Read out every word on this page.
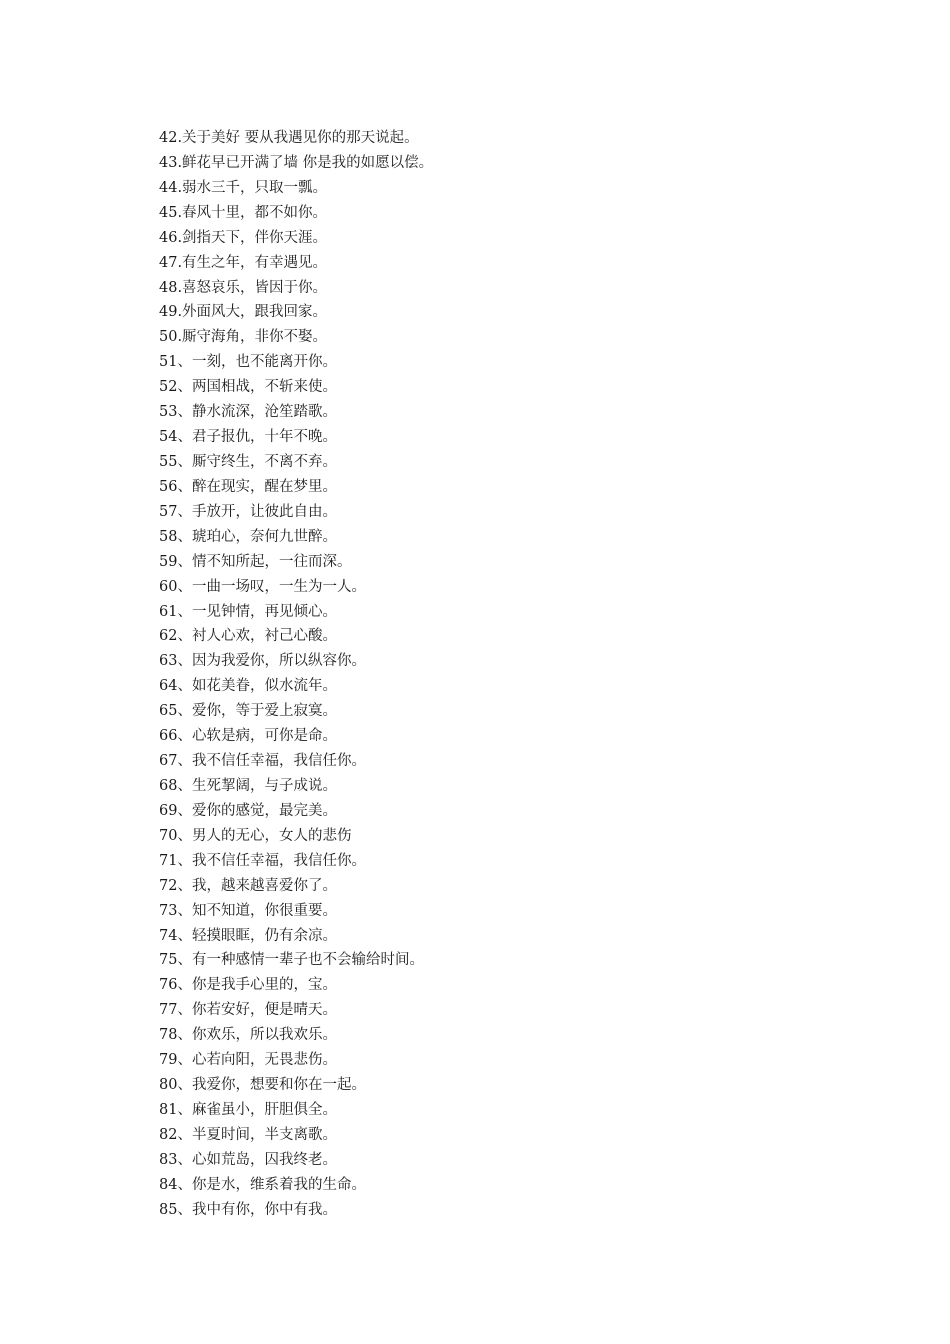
42.关于美好 要从我遇见你的那天说起。
43.鲜花早已开满了墙 你是我的如愿以偿。
44.弱水三千，只取一瓢。
45.春风十里，都不如你。
46.剑指天下，伴你天涯。
47.有生之年，有幸遇见。
48.喜怒哀乐，皆因于你。
49.外面风大，跟我回家。
50.厮守海角，非你不娶。
51、一刻，也不能离开你。
52、两国相战，不斩来使。
53、静水流深，沧笙踏歌。
54、君子报仇，十年不晚。
55、厮守终生，不离不弃。
56、醉在现实，醒在梦里。
57、手放开，让彼此自由。
58、琥珀心，奈何九世醉。
59、情不知所起，一往而深。
60、一曲一场叹，一生为一人。
61、一见钟情，再见倾心。
62、衬人心欢，衬己心酸。
63、因为我爱你，所以纵容你。
64、如花美眷，似水流年。
65、爱你，等于爱上寂寞。
66、心软是病，可你是命。
67、我不信任幸福，我信任你。
68、生死挈阔，与子成说。
69、爱你的感觉，最完美。
70、男人的无心，女人的悲伤
71、我不信任幸福，我信任你。
72、我，越来越喜爱你了。
73、知不知道，你很重要。
74、轻摸眼眶，仍有余凉。
75、有一种感情一辈子也不会输给时间。
76、你是我手心里的，宝。
77、你若安好，便是晴天。
78、你欢乐，所以我欢乐。
79、心若向阳，无畏悲伤。
80、我爱你，想要和你在一起。
81、麻雀虽小，肝胆俱全。
82、半夏时间，半支离歌。
83、心如荒岛，囚我终老。
84、你是水，维系着我的生命。
85、我中有你，你中有我。
